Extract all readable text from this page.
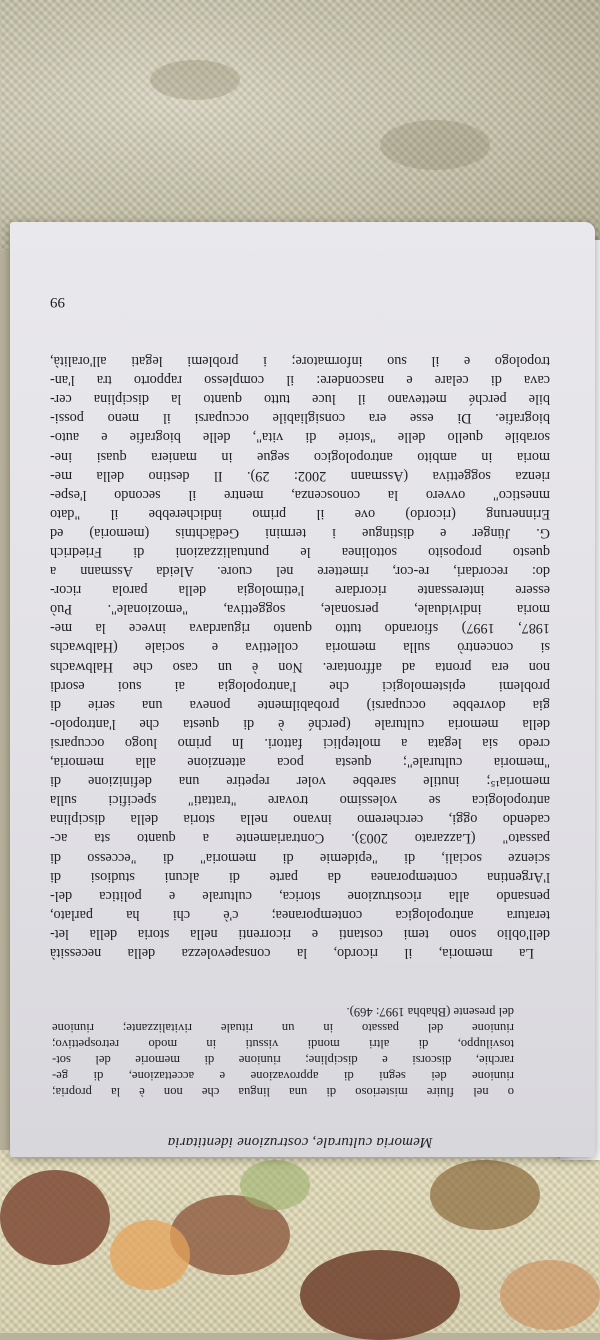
Memoria culturale, costruzione identitaria

o nel fluire misterioso di una lingua che non è la propria;
riunione dei segni di approvazione e accettazione, di ge-
rarchie, discorsi e discipline; riunione di memorie del sot-
tosviluppo, di altri mondi vissuti in modo retrospettivo;
riunione del passato in un rituale rivitalizzante; riunione
del presente (Bhabha 1997: 469).
La memoria, il ricordo, la consapevolezza della necessità
dell'oblio sono temi costanti e ricorrenti nella storia della let-
teratura antropologica contemporanea; c'è chi ha parlato,
pensando alla ricostruzione storica, culturale e politica del-
l'Argentina contemporanea da parte di alcuni studiosi di
scienze sociali, di "epidemie di memoria" di "eccesso di
passato" (Lazzarato 2003). Contrariamente a quanto sta ac-
cadendo oggi, cercheremo invano nella storia della disciplina
antropologica se volessimo trovare "trattati" specifici sulla
memoria¹⁵; inutile sarebbe voler repetire una definizione di
"memoria culturale"; questa poca attenzione alla memoria,
credo sia legata a molteplici fattori. In primo luogo occuparsi
della memoria culturale (perché è di questa che l'antropolo-
gia dovrebbe occuparsi) probabilmente poneva una serie di
problemi epistemologici che l'antropologia ai suoi esordi
non era pronta ad affrontare. Non è un caso che Halbwachs
si concentrò sulla memoria collettiva e sociale (Halbwachs
1987, 1997) sfiorando tutto quanto riguardava invece la me-
moria individuale, personale, soggettiva, "emozionale". Può
essere interessante ricordare l'etimologia della parola ricor-
do: recordari, re-cor, rimettere nel cuore. Aleida Assmann a
questo proposito sottolinea le puntualizzazioni di Friedrich
G. Jünger e distingue i termini Gedächtnis (memoria) ed
Erinnerung (ricordo) ove il primo indicherebbe il "dato
mnestico" ovvero la conoscenza, mentre il secondo l'espe-
rienza soggettiva (Assmann 2002: 29). Il destino della me-
moria in ambito antropologico segue in maniera quasi ine-
sorabile quello delle "storie di vita", delle biografie e auto-
biografie. Di esse era consigliabile occuparsi il meno possi-
bile perché mettevano il luce tutto quanto la disciplina cer-
cava di celare e nascondere: il complesso rapporto tra l'an-
tropologo e il suo informatore; i problemi legati all'oralità,

99
